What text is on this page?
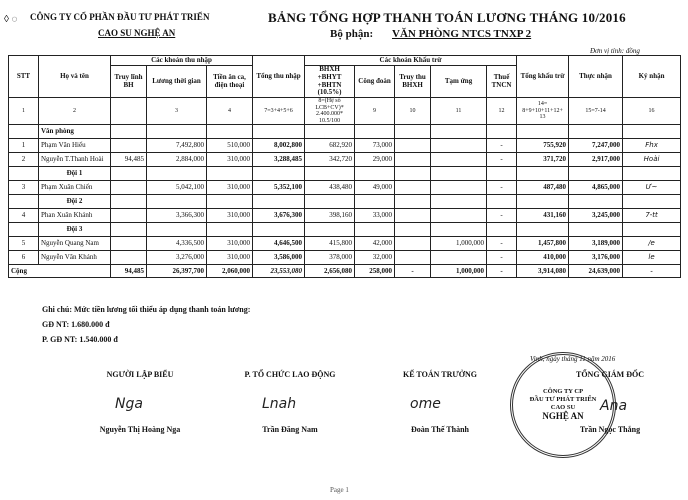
◊ ◌ CÔNG TY CỔ PHẦN ĐẦU TƯ PHÁT TRIỂN
CAO SU NGHỆ AN
BẢNG TỔNG HỢP THANH TOÁN LƯƠNG THÁNG 10/2016
Bộ phận: VĂN PHÒNG NTCS TNXP 2
Đơn vị tính: đồng
STT	Họ và tên	Các khoản thu nhập			Tổng thu nhập	Các khoản Khấu trừ					Tổng khấu trừ	Thực nhận	Ký nhận
		Truy lĩnh BH	Lương thời gian	Tiền ăn ca, điện thoại		BHXH +BHYT +BHTN (10.5%)	Công đoàn	Truy thu BHXH	Tạm ứng	Thuế TNCN			
1	2		3	4	7=3+4+5+6	8=(Hệ số LCB+CV)* 2.400.000* 10.5/100	9	10	11	12	14= 8+9+10+11+12+ 13	15=7-14	16
	Văn phòng												
1	Phạm Văn Hiếu		7,492,800	510,000	8,002,800	682,920	73,000			-	755,920	7,247,000	Fhx
2	Nguyễn T.Thanh Hoài	94,485	2,884,000	310,000	3,288,485	342,720	29,000			-	371,720	2,917,000	Hoài
	Đội 1												
3	Phạm Xuân Chiến		5,042,100	310,000	5,352,100	438,480	49,000			-	487,480	4,865,000	Ư~
	Đội 2												
4	Phan Xuân Khánh		3,366,300	310,000	3,676,300	398,160	33,000			-	431,160	3,245,000	7-tt
	Đội 3												
5	Nguyễn Quang Nam		4,336,500	310,000	4,646,500	415,800	42,000		1,000,000	-	1,457,800	3,189,000	/e
6	Nguyễn Văn Khánh		3,276,000	310,000	3,586,000	378,000	32,000			-	410,000	3,176,000	le
Cộng		94,485	26,397,700	2,060,000	23,553,080	2,656,080	258,000	-	1,000,000	-	3,914,080	24,639,000	-
Ghi chú: Mức tiền lương tối thiểu áp dụng thanh toán lương:
GĐ NT: 1.680.000 đ
P. GĐ NT: 1.540.000 đ
Vinh, ngày tháng 11 năm 2016
NGƯỜI LẬP BIỂU
Nga
Nguyễn Thị Hoàng Nga
P. TỔ CHỨC LAO ĐỘNG
Lnah
Trần Đăng Nam
KẾ TOÁN TRƯỞNG
ome
Đoàn Thế Thành
CÔNG TY CP
ĐẦU TƯ PHÁT TRIỂN
CAO SU
NGHỆ AN
TỔNG GIÁM ĐỐC
Ana
Trần Ngọc Thắng
Page 1
